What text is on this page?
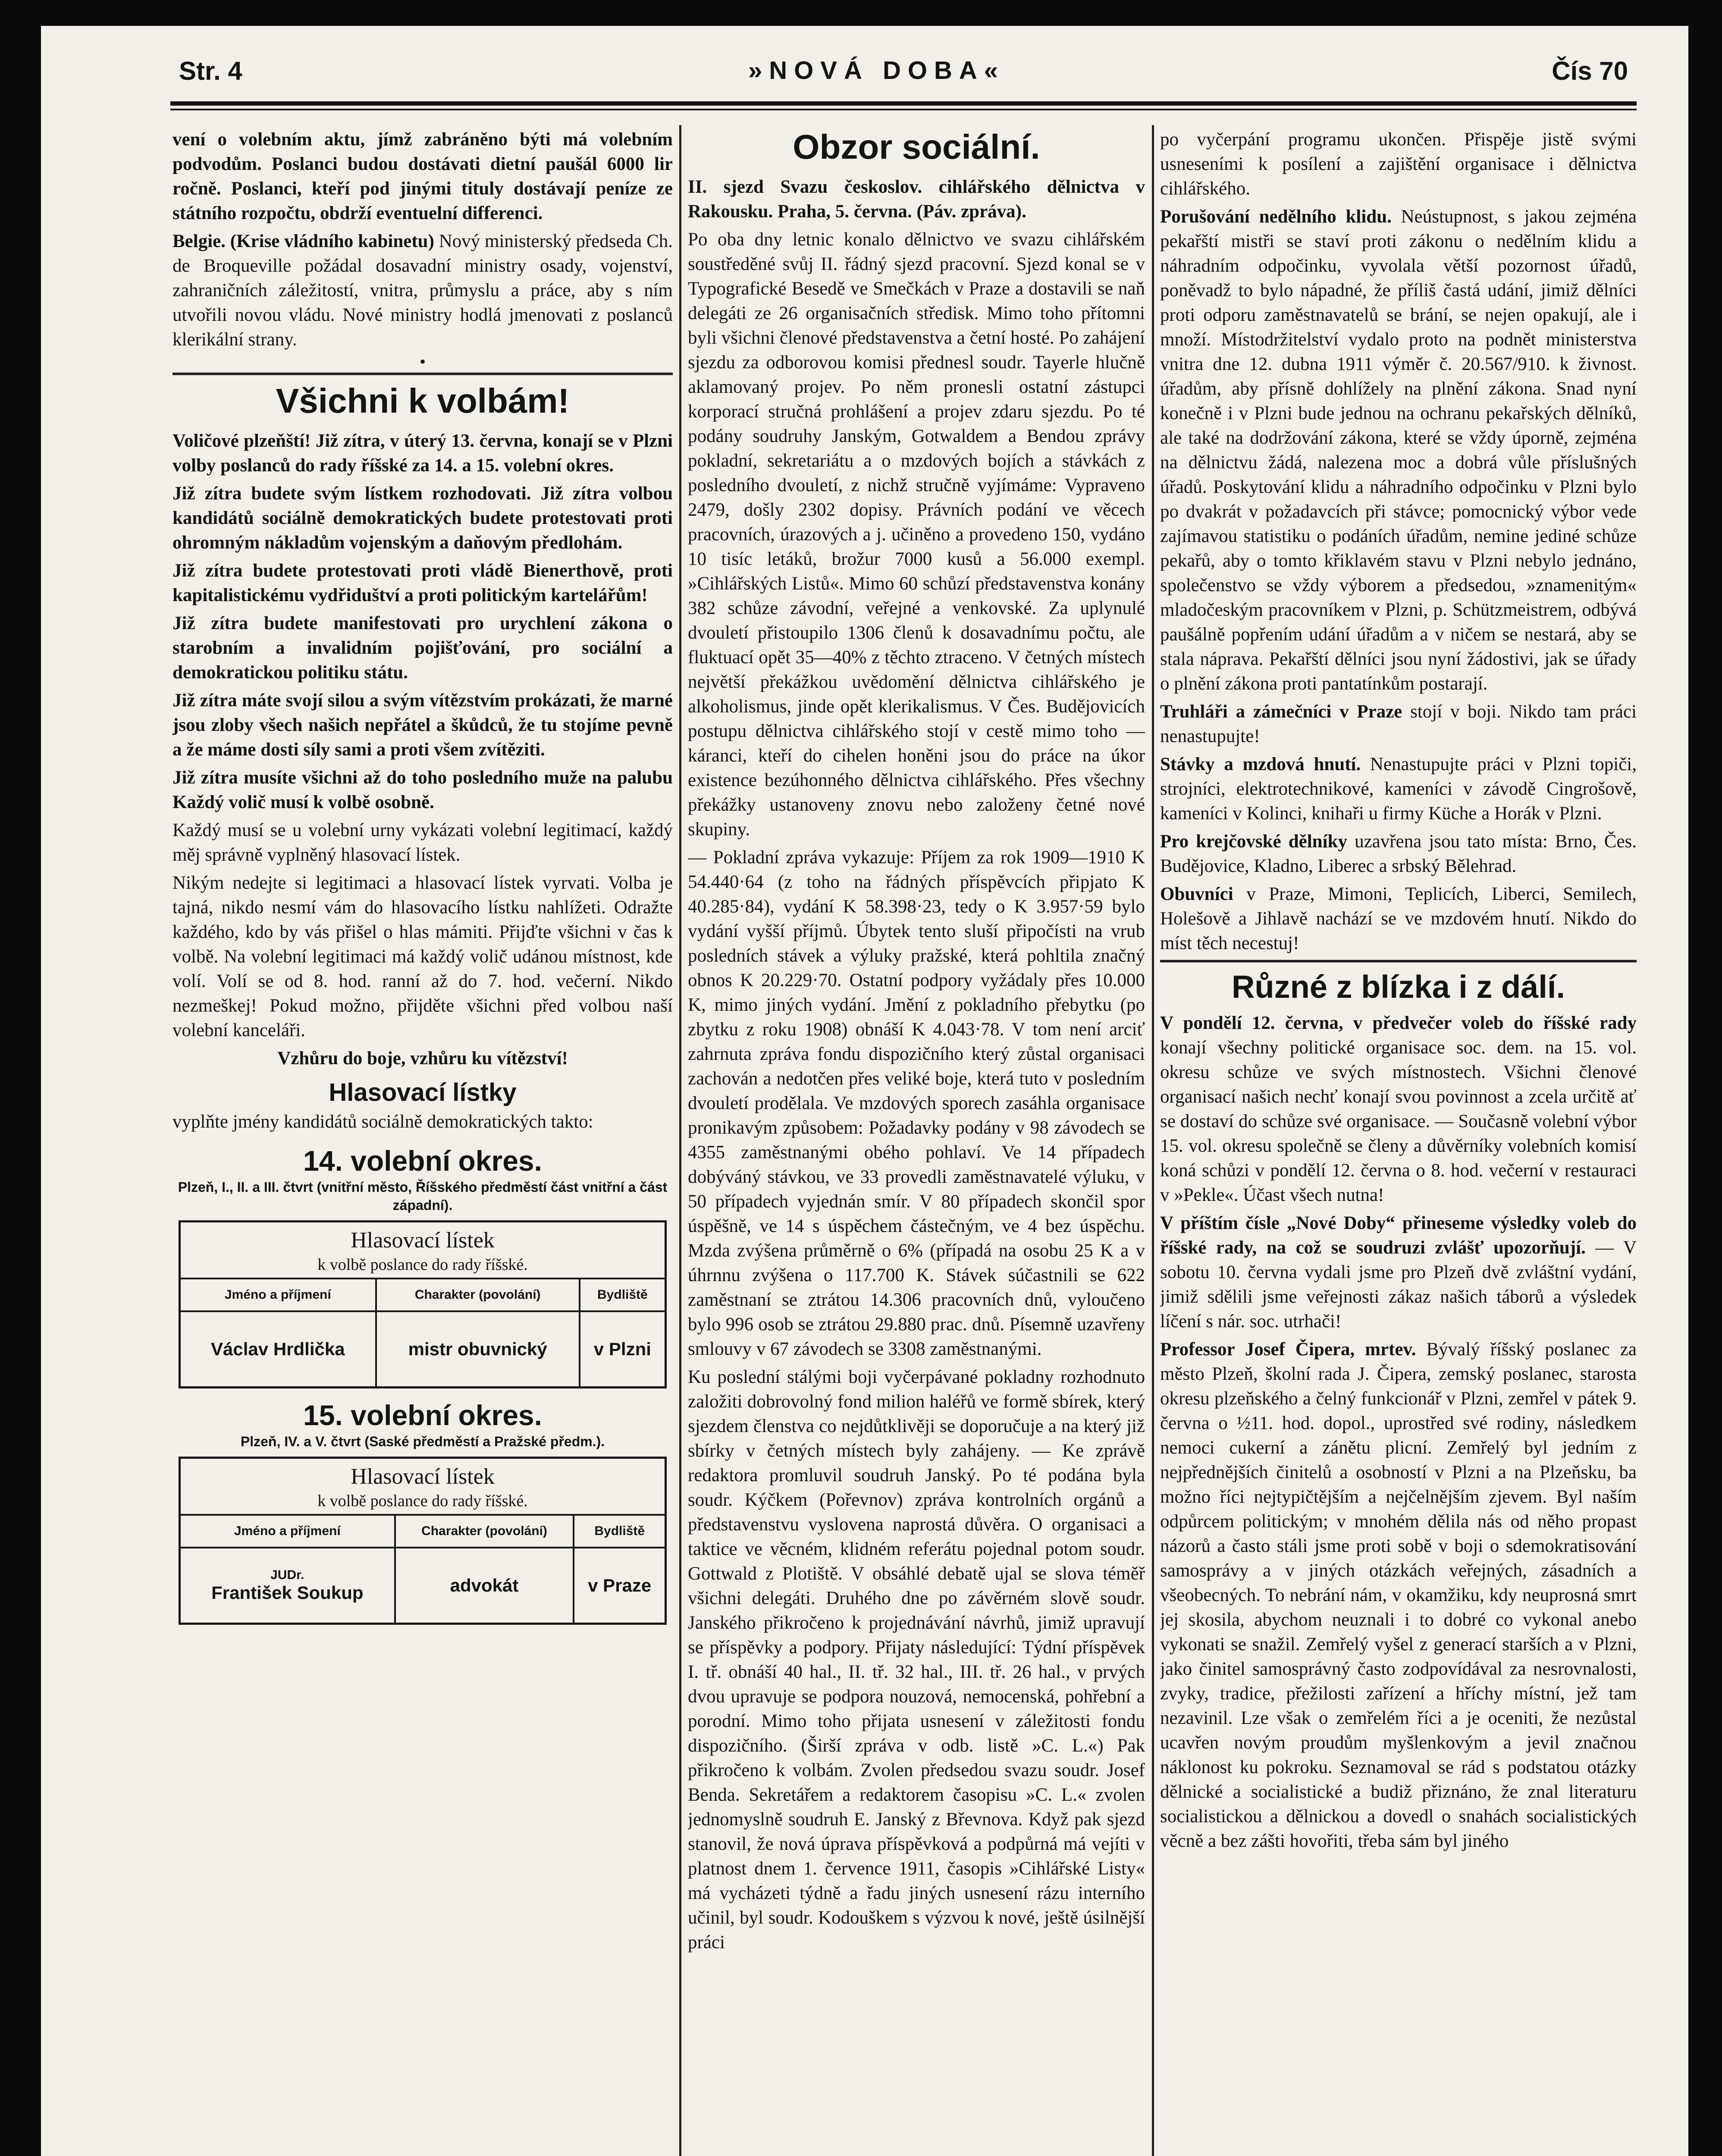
Str. 4	»NOVÁ DOBA«	Čís 70

vení o volebním aktu, jímž zabráněno býti má volebním podvodům. Poslanci budou dostávati dietní paušál 6000 lir ročně. Poslanci, kteří pod jinými tituly dostávají peníze ze státního rozpočtu, obdrží eventuelní differenci.

Belgie. (Krise vládního kabinetu) Nový ministerský předseda Ch. de Broqueville požádal dosavadní ministry osady, vojenství, zahraničních záležitostí, vnitra, průmyslu a práce, aby s ním utvořili novou vládu. Nové ministry hodlá jmenovati z poslanců klerikální strany.

•

Všichni k volbám!

Voličové plzeňští! Již zítra, v úterý 13. června, konají se v Plzni volby poslanců do rady říšské za 14. a 15. volební okres.

Již zítra budete svým lístkem rozhodovati. Již zítra volbou kandidátů sociálně demokratických budete protestovati proti ohromným nákladům vojenským a daňovým předlohám.

Již zítra budete protestovati proti vládě Bienerthově, proti kapitalistickému vydřiduštví a proti politickým kartelářům!

Již zítra budete manifestovati pro urychlení zákona o starobním a invalidním pojišťování, pro sociální a demokratickou politiku státu.

Již zítra máte svojí silou a svým vítězstvím prokázati, že marné jsou zloby všech našich nepřátel a škůdců, že tu stojíme pevně a že máme dosti síly sami a proti všem zvítěziti.

Již zítra musíte všichni až do toho posledního muže na palubu Každý volič musí k volbě osobně.

Každý musí se u volební urny vykázati volební legitimací, každý měj správně vyplněný hlasovací lístek.

Nikým nedejte si legitimaci a hlasovací lístek vyrvati. Volba je tajná, nikdo nesmí vám do hlasovacího lístku nahlížeti. Odražte každého, kdo by vás přišel o hlas mámiti. Přijďte všichni v čas k volbě. Na volební legitimaci má každý volič udánou místnost, kde volí. Volí se od 8. hod. ranní až do 7. hod. večerní. Nikdo nezmeškej! Pokud možno, přijděte všichni před volbou naší volební kanceláři.

Vzhůru do boje, vzhůru ku vítězství!

Hlasovací lístky

vyplňte jmény kandidátů sociálně demokratických takto:

14. volební okres.
Plzeň, I., II. a III. čtvrt (vnitřní město, Říšského předměstí část vnitřní a část západní).
Hlasovací lístek
k volbě poslance do rady říšské.
Jméno a příjmení	Charakter (povolání)	Bydliště
Václav Hrdlička	mistr obuvnický	v Plzni
15. volební okres.
Plzeň, IV. a V. čtvrt (Saské předměstí a Pražské předm.).
Hlasovací lístek
k volbě poslance do rady říšské.
Jméno a příjmení	Charakter (povolání)	Bydliště

JUDr.
František Soukup	advokát	v Praze
Obzor sociální.

II. sjezd Svazu českoslov. cihlářského dělnictva v Rakousku. Praha, 5. června. (Páv. zpráva).

Po oba dny letnic konalo dělnictvo ve svazu cihlářském soustředěné svůj II. řádný sjezd pracovní. Sjezd konal se v Typografické Besedě ve Smečkách v Praze a dostavili se naň delegáti ze 26 organisačních středisk. Mimo toho přítomni byli všichni členové představenstva a četní hosté. Po zahájení sjezdu za odborovou komisi přednesl soudr. Tayerle hlučně aklamovaný projev. Po něm pronesli ostatní zástupci korporací stručná prohlášení a projev zdaru sjezdu. Po té podány soudruhy Janským, Gotwaldem a Bendou zprávy pokladní, sekretariátu a o mzdových bojích a stávkách z posledního dvouletí, z nichž stručně vyjímáme: Vypraveno 2479, došly 2302 dopisy. Právních podání ve věcech pracovních, úrazových a j. učiněno a provedeno 150, vydáno 10 tisíc letáků, brožur 7000 kusů a 56.000 exempl. »Cihlářských Listů«. Mimo 60 schůzí představenstva konány 382 schůze závodní, veřejné a venkovské. Za uplynulé dvouletí přistoupilo 1306 členů k dosavadnímu počtu, ale fluktuací opět 35—40% z těchto ztraceno. V četných místech největší překážkou uvědomění dělnictva cihlářského je alkoholismus, jinde opět klerikalismus. V Čes. Budějovicích postupu dělnictva cihlářského stojí v cestě mimo toho — káranci, kteří do cihelen honěni jsou do práce na úkor existence bezúhonného dělnictva cihlářského. Přes všechny překážky ustanoveny znovu nebo založeny četné nové skupiny.

— Pokladní zpráva vykazuje: Příjem za rok 1909—1910 K 54.440·64 (z toho na řádných příspěvcích připjato K 40.285·84), vydání K 58.398·23, tedy o K 3.957·59 bylo vydání vyšší příjmů. Úbytek tento sluší připočísti na vrub posledních stávek a výluky pražské, která pohltila značný obnos K 20.229·70. Ostatní podpory vyžádaly přes 10.000 K, mimo jiných vydání. Jmění z pokladního přebytku (po zbytku z roku 1908) obnáší K 4.043·78. V tom není arciť zahrnuta zpráva fondu dispozičního který zůstal organisaci zachován a nedotčen přes veliké boje, která tuto v posledním dvouletí prodělala. Ve mzdových sporech zasáhla organisace pronikavým způsobem: Požadavky podány v 98 závodech se 4355 zaměstnanými obého pohlaví. Ve 14 případech dobýváný stávkou, ve 33 provedli zaměstnavatelé výluku, v 50 případech vyjednán smír. V 80 případech skončil spor úspěšně, ve 14 s úspěchem částečným, ve 4 bez úspěchu. Mzda zvýšena průměrně o 6% (případá na osobu 25 K a v úhrnnu zvýšena o 117.700 K. Stávek súčastnili se 622 zaměstnaní se ztrátou 14.306 pracovních dnů, vyloučeno bylo 996 osob se ztrátou 29.880 prac. dnů. Písemně uzavřeny smlouvy v 67 závodech se 3308 zaměstnanými.

Ku poslední stálými boji vyčerpávané pokladny rozhodnuto založiti dobrovolný fond milion haléřů ve formě sbírek, který sjezdem členstva co nejdůtklivěji se doporučuje a na který již sbírky v četných místech byly zahájeny. — Ke zprávě redaktora promluvil soudruh Janský. Po té podána byla soudr. Kýčkem (Pořevnov) zpráva kontrolních orgánů a představenstvu vyslovena naprostá důvěra. O organisaci a taktice ve věcném, klidném referátu pojednal potom soudr. Gottwald z Plotiště. V obsáhlé debatě ujal se slova téměř všichni delegáti. Druhého dne po závěrném slově soudr. Janského přikročeno k projednávání návrhů, jimiž upravují se příspěvky a podpory. Přijaty následující: Týdní příspěvek I. tř. obnáší 40 hal., II. tř. 32 hal., III. tř. 26 hal., v prvých dvou upravuje se podpora nouzová, nemocenská, pohřební a porodní. Mimo toho přijata usnesení v záležitosti fondu dispozičního. (Širší zpráva v odb. listě »C. L.«) Pak přikročeno k volbám. Zvolen předsedou svazu soudr. Josef Benda. Sekretářem a redaktorem časopisu »C. L.« zvolen jednomyslně soudruh E. Janský z Břevnova. Když pak sjezd stanovil, že nová úprava příspěvková a podpůrná má vejíti v platnost dnem 1. července 1911, časopis »Cihlářské Listy« má vycházeti týdně a řadu jiných usnesení rázu interního učinil, byl soudr. Kodouškem s výzvou k nové, ještě úsilnější práci

po vyčerpání programu ukončen. Přispěje jistě svými usneseními k posílení a zajištění organisace i dělnictva cihlářského.

Porušování nedělního klidu. Neústupnost, s jakou zejména pekařští mistři se staví proti zákonu o nedělním klidu a náhradním odpočinku, vyvolala větší pozornost úřadů, poněvadž to bylo nápadné, že příliš častá udání, jimiž dělníci proti odporu zaměstnavatelů se brání, se nejen opakují, ale i množí. Místodržitelství vydalo proto na podnět ministerstva vnitra dne 12. dubna 1911 výměr č. 20.567/910. k živnost. úřadům, aby přísně dohlížely na plnění zákona. Snad nyní konečně i v Plzni bude jednou na ochranu pekařských dělníků, ale také na dodržování zákona, které se vždy úporně, zejména na dělnictvu žádá, nalezena moc a dobrá vůle příslušných úřadů. Poskytování klidu a náhradního odpočinku v Plzni bylo po dvakrát v požadavcích při stávce; pomocnický výbor vede zajímavou statistiku o podáních úřadům, nemine jediné schůze pekařů, aby o tomto křiklavém stavu v Plzni nebylo jednáno, společenstvo se vždy výborem a předsedou, »znamenitým« mladočeským pracovníkem v Plzni, p. Schützmeistrem, odbývá paušálně popřením udání úřadům a v ničem se nestará, aby se stala náprava. Pekařští dělníci jsou nyní žádostivi, jak se úřady o plnění zákona proti pantatínkům postarají.

Truhláři a zámečníci v Praze stojí v boji. Nikdo tam práci nenastupujte!

Stávky a mzdová hnutí. Nenastupujte práci v Plzni topiči, strojníci, elektrotechnikové, kameníci v závodě Cingrošově, kameníci v Kolinci, knihaři u firmy Küche a Horák v Plzni.

Pro krejčovské dělníky uzavřena jsou tato místa: Brno, Čes. Budějovice, Kladno, Liberec a srbský Bělehrad.

Obuvníci v Praze, Mimoni, Teplicích, Liberci, Semilech, Holešově a Jihlavě nachází se ve mzdovém hnutí. Nikdo do míst těch necestuj!

Různé z blízka i z dálí.

V pondělí 12. června, v předvečer voleb do říšské rady konají všechny politické organisace soc. dem. na 15. vol. okresu schůze ve svých místnostech. Všichni členové organisací našich nechť konají svou povinnost a zcela určitě ať se dostaví do schůze své organisace. — Současně volební výbor 15. vol. okresu společně se členy a důvěrníky volebních komisí koná schůzi v pondělí 12. června o 8. hod. večerní v restauraci v »Pekle«. Účast všech nutna!

V příštím čísle „Nové Doby“ přineseme výsledky voleb do říšské rady, na což se soudruzi zvlášť upozorňují. — V sobotu 10. června vydali jsme pro Plzeň dvě zvláštní vydání, jimiž sdělili jsme veřejnosti zákaz našich táborů a výsledek líčení s nár. soc. utrhači!

Professor Josef Čipera, mrtev. Bývalý říšský poslanec za město Plzeň, školní rada J. Čipera, zemský poslanec, starosta okresu plzeňského a čelný funkcionář v Plzni, zemřel v pátek 9. června o ½11. hod. dopol., uprostřed své rodiny, následkem nemoci cukerní a zánětu plicní. Zemřelý byl jedním z nejpřednějších činitelů a osobností v Plzni a na Plzeňsku, ba možno říci nejtypičtějším a nejčelnějším zjevem. Byl naším odpůrcem politickým; v mnohém dělila nás od něho propast názorů a často stáli jsme proti sobě v boji o sdemokratisování samosprávy a v jiných otázkách veřejných, zásadních a všeobecných. To nebrání nám, v okamžiku, kdy neuprosná smrt jej skosila, abychom neuznali i to dobré co vykonal anebo vykonati se snažil. Zemřelý vyšel z generací starších a v Plzni, jako činitel samosprávný často zodpovídával za nesrovnalosti, zvyky, tradice, přežilosti zařízení a hříchy místní, jež tam nezavinil. Lze však o zemřelém říci a je oceniti, že nezůstal ucavřen novým proudům myšlenkovým a jevil značnou náklonost ku pokroku. Seznamoval se rád s podstatou otázky dělnické a socialistické a budiž přiznáno, že znal literaturu socialistickou a dělnickou a dovedl o snahách socialistických věcně a bez zášti hovořiti, třeba sám byl jiného
